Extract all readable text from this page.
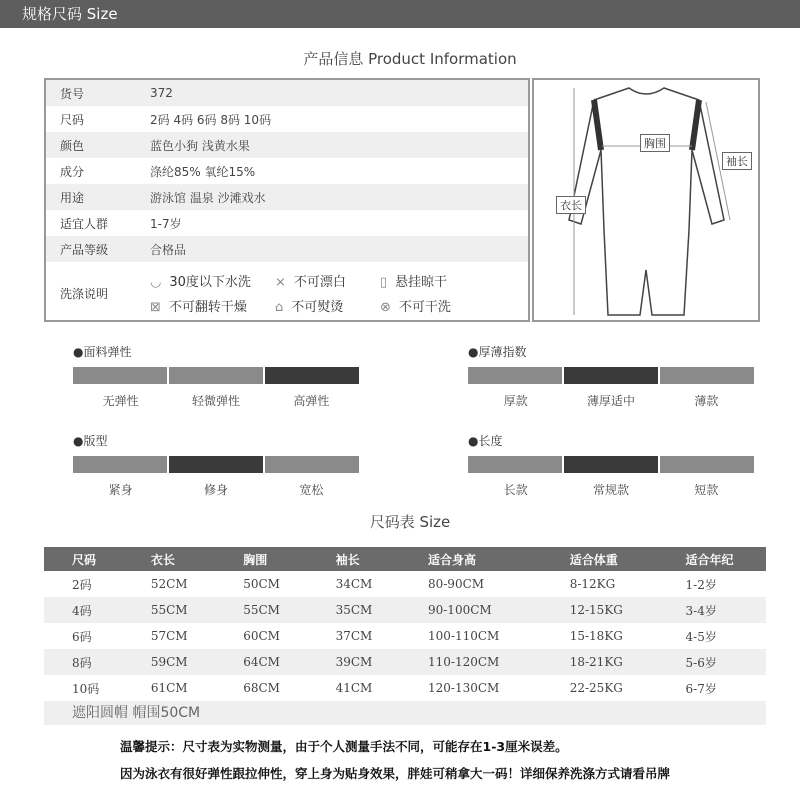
规格尺码 Size
产品信息 Product Information
货号	372
尺码	2码 4码 6码 8码 10码
颜色	蓝色小狗 浅黄水果
成分	涤纶85% 氧纶15%
用途	游泳馆 温泉 沙滩戏水
适宜人群	1-7岁
产品等级	合格品
洗涤说明
◡ 30度以下水洗	⨯ 不可漂白	▯ 悬挂晾干
⊠ 不可翻转干燥	⌂ 不可熨烫	⊗ 不可干洗
胸围
袖长
衣长
●面料弹性
无弹性	轻微弹性	高弹性
●厚薄指数
厚款	薄厚适中	薄款
●版型
紧身	修身	宽松
●长度
长款	常规款	短款
尺码表 Size
尺码	衣长	胸围	袖长	适合身高	适合体重	适合年纪
2码	52CM	50CM	34CM	80-90CM	8-12KG	1-2岁
4码	55CM	55CM	35CM	90-100CM	12-15KG	3-4岁
6码	57CM	60CM	37CM	100-110CM	15-18KG	4-5岁
8码	59CM	64CM	39CM	110-120CM	18-21KG	5-6岁
10码	61CM	68CM	41CM	120-130CM	22-25KG	6-7岁
遮阳圆帽 帽围50CM
温馨提示：尺寸表为实物测量，由于个人测量手法不同，可能存在1-3厘米误差。
因为泳衣有很好弹性跟拉伸性，穿上身为贴身效果，胖娃可稍拿大一码！详细保养洗涤方式请看吊牌
